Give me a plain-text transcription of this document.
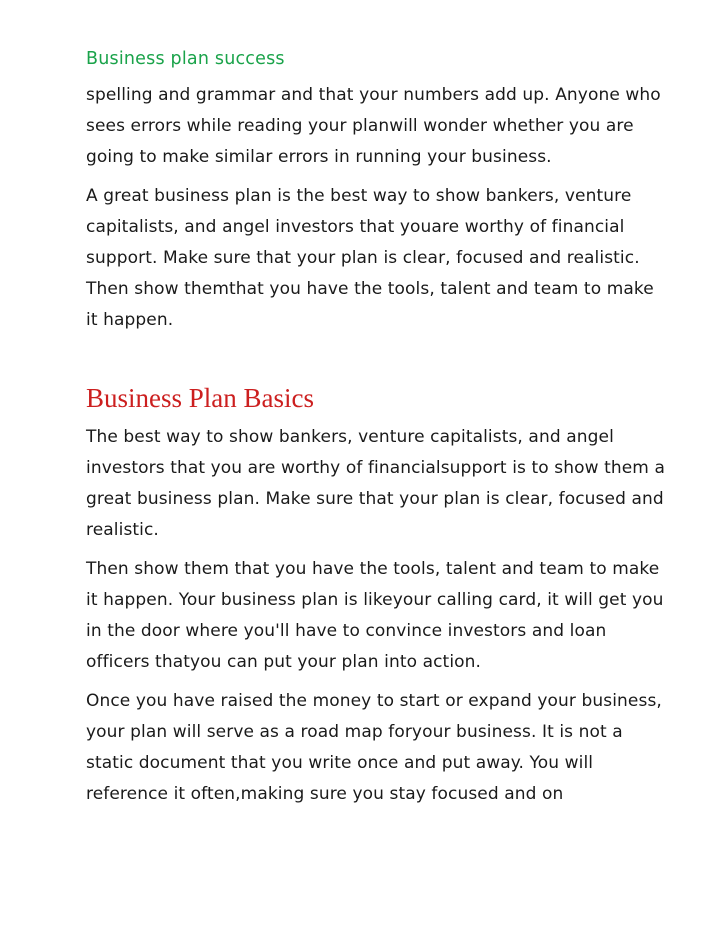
Business plan success

spelling and grammar and that your numbers add up. Anyone who sees errors while reading your planwill wonder whether you are going to make similar errors in running your business.

A great business plan is the best way to show bankers, venture capitalists, and angel investors that youare worthy of financial support. Make sure that your plan is clear, focused and realistic. Then show themthat you have the tools, talent and team to make it happen.

Business Plan Basics

The best way to show bankers, venture capitalists, and angel investors that you are worthy of financialsupport is to show them a great business plan. Make sure that your plan is clear, focused and realistic.

Then show them that you have the tools, talent and team to make it happen. Your business plan is likeyour calling card, it will get you in the door where you'll have to convince investors and loan officers thatyou can put your plan into action.

Once you have raised the money to start or expand your business, your plan will serve as a road map foryour business. It is not a static document that you write once and put away. You will reference it often,making sure you stay focused and on
